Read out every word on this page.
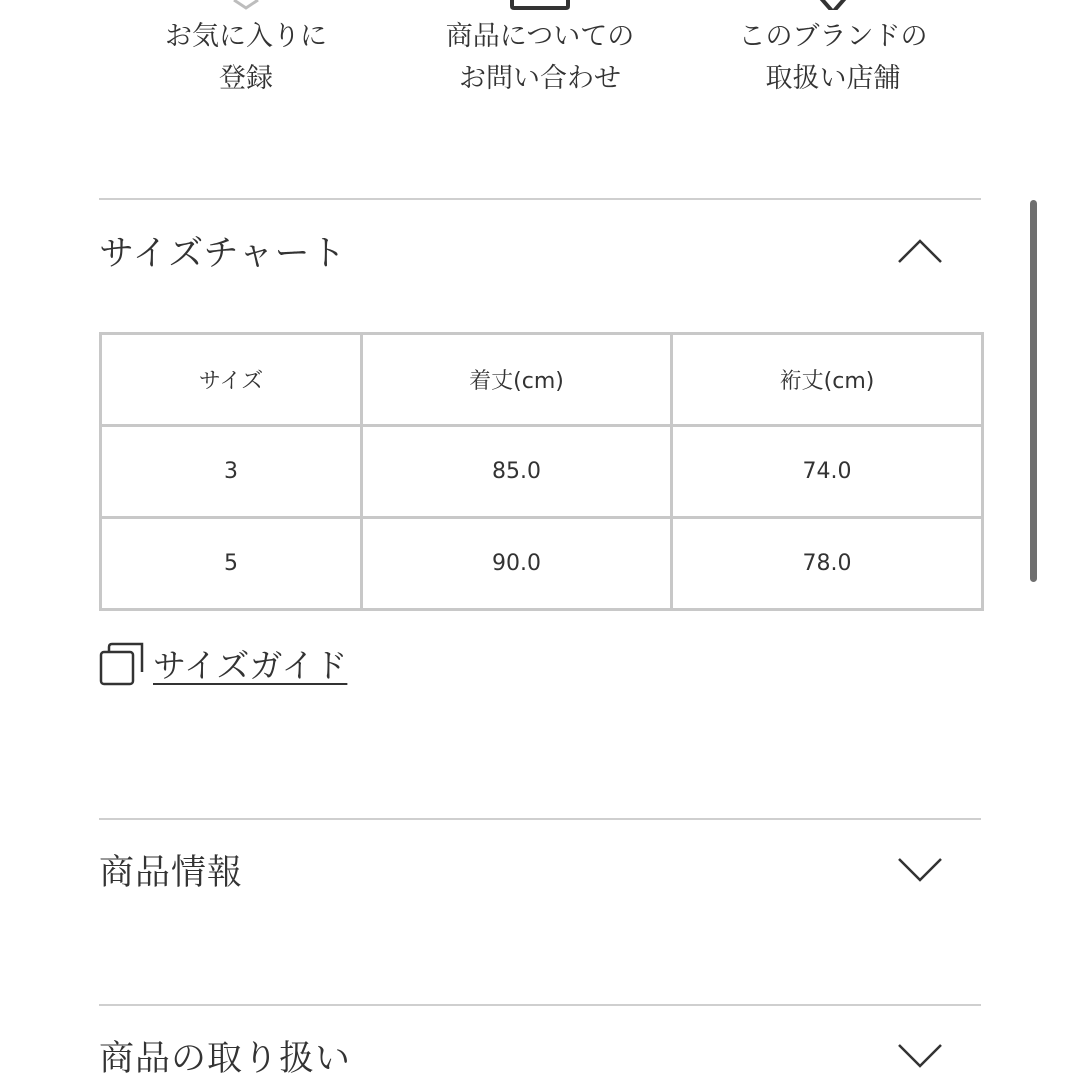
お気に入りに
登録
商品についての
お問い合わせ
このブランドの
取扱い店舗
サイズチャート
サイズ	着丈(cm)	裄丈(cm)
3	85.0	74.0
5	90.0	78.0
サイズガイド
商品情報
商品の取り扱い
